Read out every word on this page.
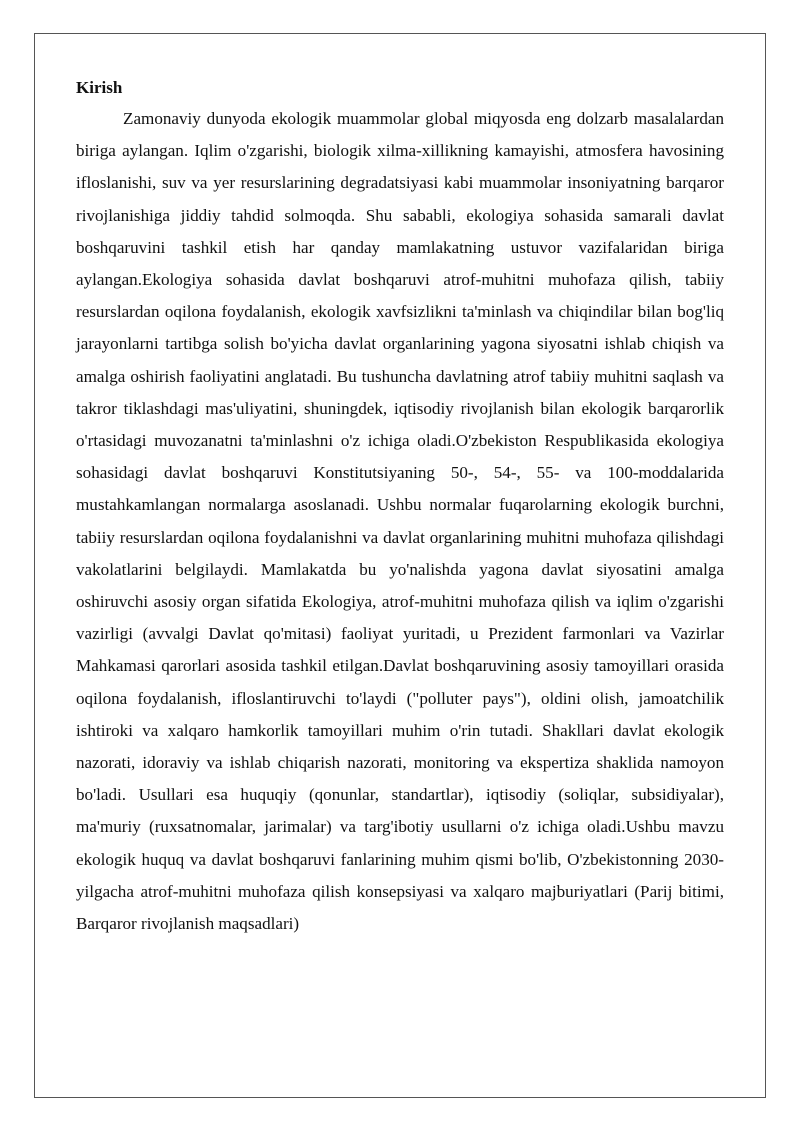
Kirish

Zamonaviy dunyoda ekologik muammolar global miqyosda eng dolzarb masalalardan biriga aylangan. Iqlim o'zgarishi, biologik xilma-xillikning kamayishi, atmosfera havosining ifloslanishi, suv va yer resurslarining degradatsiyasi kabi muammolar insoniyatning barqaror rivojlanishiga jiddiy tahdid solmoqda. Shu sababli, ekologiya sohasida samarali davlat boshqaruvini tashkil etish har qanday mamlakatning ustuvor vazifalaridan biriga aylangan.Ekologiya sohasida davlat boshqaruvi atrof-muhitni muhofaza qilish, tabiiy resurslardan oqilona foydalanish, ekologik xavfsizlikni ta'minlash va chiqindilar bilan bog'liq jarayonlarni tartibga solish bo'yicha davlat organlarining yagona siyosatni ishlab chiqish va amalga oshirish faoliyatini anglatadi. Bu tushuncha davlatning atrof tabiiy muhitni saqlash va takror tiklashdagi mas'uliyatini, shuningdek, iqtisodiy rivojlanish bilan ekologik barqarorlik o'rtasidagi muvozanatni ta'minlashni o'z ichiga oladi.O'zbekiston Respublikasida ekologiya sohasidagi davlat boshqaruvi Konstitutsiyaning 50-, 54-, 55- va 100-moddalarida mustahkamlangan normalarga asoslanadi. Ushbu normalar fuqarolarning ekologik burchni, tabiiy resurslardan oqilona foydalanishni va davlat organlarining muhitni muhofaza qilishdagi vakolatlarini belgilaydi. Mamlakatda bu yo'nalishda yagona davlat siyosatini amalga oshiruvchi asosiy organ sifatida Ekologiya, atrof-muhitni muhofaza qilish va iqlim o'zgarishi vazirligi (avvalgi Davlat qo'mitasi) faoliyat yuritadi, u Prezident farmonlari va Vazirlar Mahkamasi qarorlari asosida tashkil etilgan.Davlat boshqaruvining asosiy tamoyillari orasida oqilona foydalanish, ifloslantiruvchi to'laydi ("polluter pays"), oldini olish, jamoatchilik ishtiroki va xalqaro hamkorlik tamoyillari muhim o'rin tutadi. Shakllari davlat ekologik nazorati, idoraviy va ishlab chiqarish nazorati, monitoring va ekspertiza shaklida namoyon bo'ladi. Usullari esa huquqiy (qonunlar, standartlar), iqtisodiy (soliqlar, subsidiyalar), ma'muriy (ruxsatnomalar, jarimalar) va targ'ibotiy usullarni o'z ichiga oladi.Ushbu mavzu ekologik huquq va davlat boshqaruvi fanlarining muhim qismi bo'lib, O'zbekistonning 2030-yilgacha atrof-muhitni muhofaza qilish konsepsiyasi va xalqaro majburiyatlari (Parij bitimi, Barqaror rivojlanish maqsadlari)
